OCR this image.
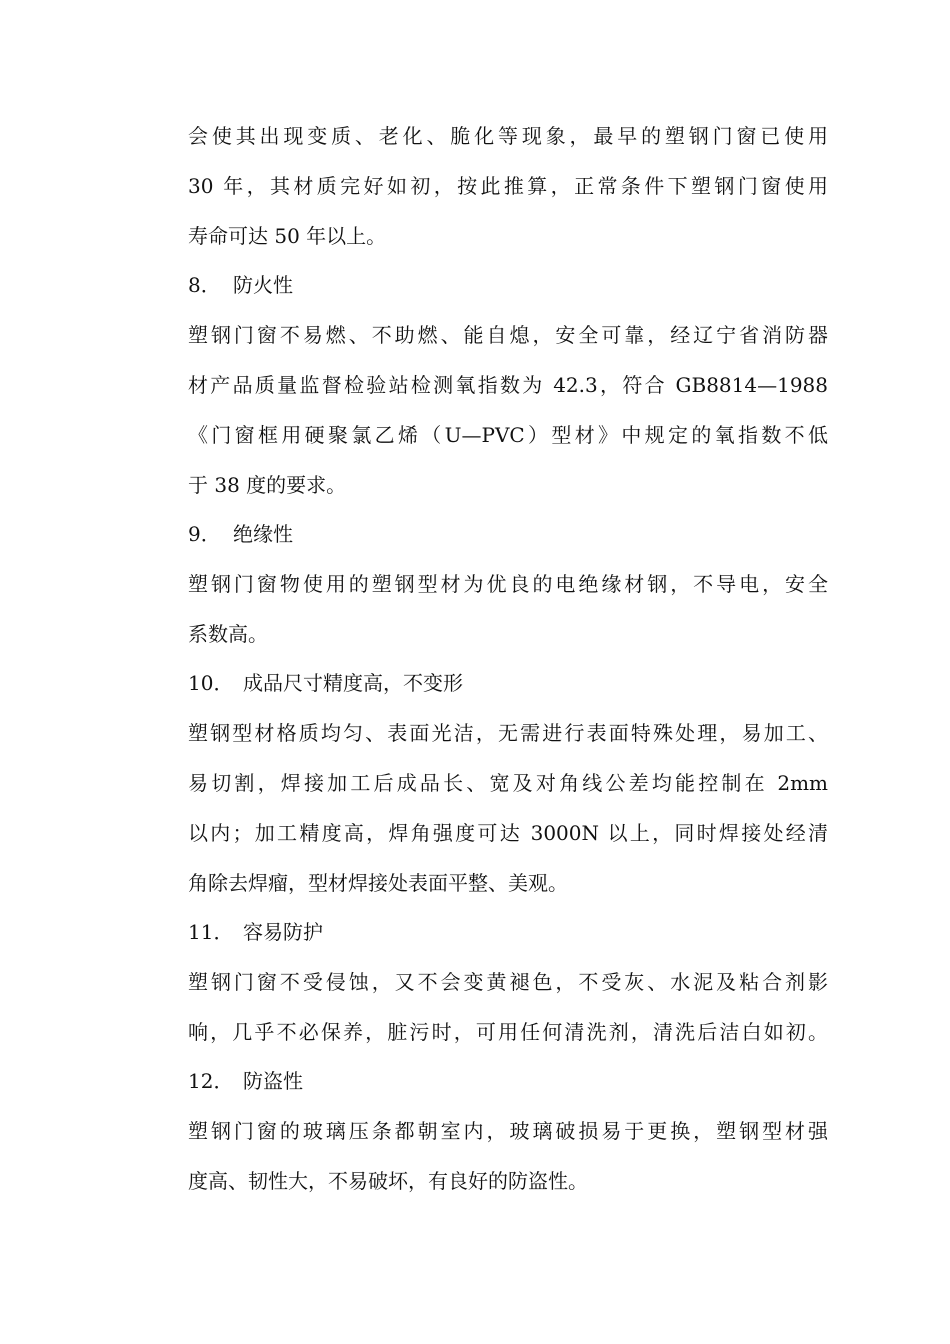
会使其出现变质、老化、脆化等现象，最早的塑钢门窗已使用
30 年，其材质完好如初，按此推算，正常条件下塑钢门窗使用
寿命可达 50 年以上。
8． 防火性
塑钢门窗不易燃、不助燃、能自熄，安全可靠，经辽宁省消防器
材产品质量监督检验站检测氧指数为 42.3，符合 GB8814—1988
《门窗框用硬聚氯乙烯（U—PVC）型材》中规定的氧指数不低
于 38 度的要求。
9． 绝缘性
塑钢门窗物使用的塑钢型材为优良的电绝缘材钢，不导电，安全
系数高。
10． 成品尺寸精度高，不变形
塑钢型材格质均匀、表面光洁，无需进行表面特殊处理，易加工、
易切割，焊接加工后成品长、宽及对角线公差均能控制在 2mm
以内；加工精度高，焊角强度可达 3000N 以上，同时焊接处经清
角除去焊瘤，型材焊接处表面平整、美观。
11． 容易防护
塑钢门窗不受侵蚀，又不会变黄褪色，不受灰、水泥及粘合剂影
响，几乎不必保养，脏污时，可用任何清洗剂，清洗后洁白如初。
12． 防盗性
塑钢门窗的玻璃压条都朝室内，玻璃破损易于更换，塑钢型材强
度高、韧性大，不易破坏，有良好的防盗性。
